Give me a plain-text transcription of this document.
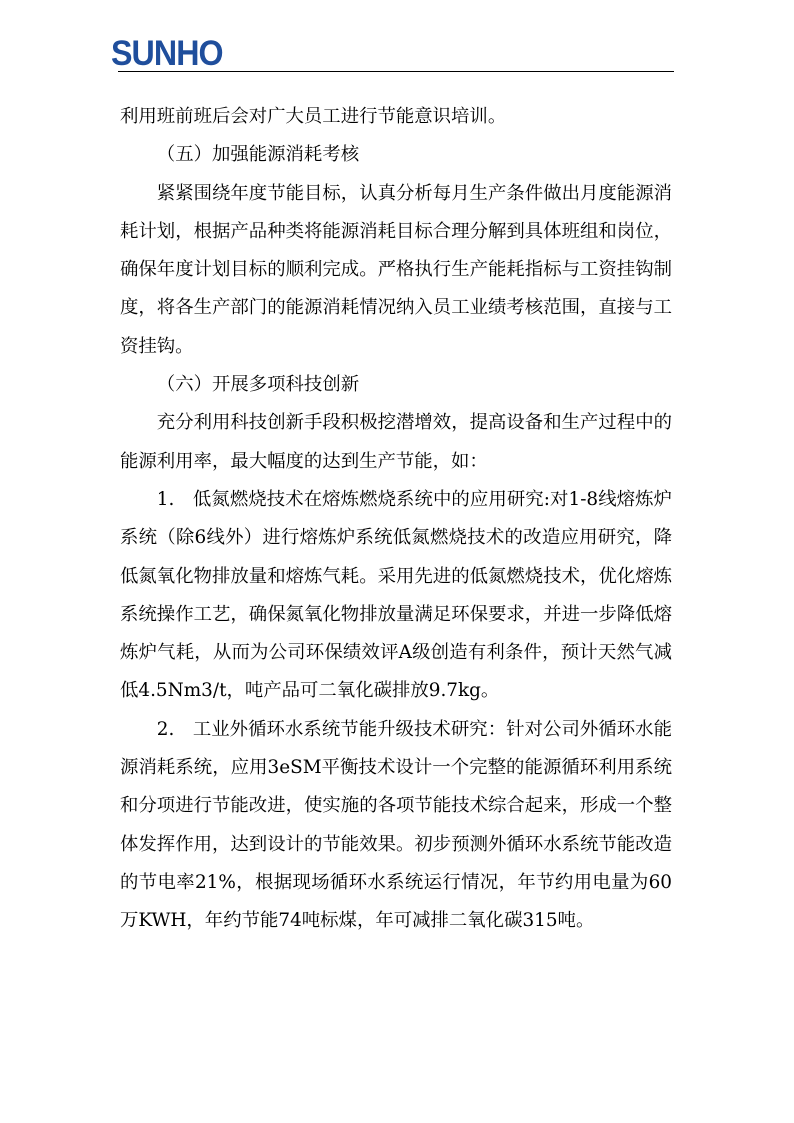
SUNHO

利用班前班后会对广大员工进行节能意识培训。

（五）加强能源消耗考核

紧紧围绕年度节能目标，认真分析每月生产条件做出月度能源消耗计划，根据产品种类将能源消耗目标合理分解到具体班组和岗位，确保年度计划目标的顺利完成。严格执行生产能耗指标与工资挂钩制度，将各生产部门的能源消耗情况纳入员工业绩考核范围，直接与工资挂钩。

（六）开展多项科技创新

充分利用科技创新手段积极挖潜增效，提高设备和生产过程中的能源利用率，最大幅度的达到生产节能，如：

1.　低氮燃烧技术在熔炼燃烧系统中的应用研究:对1-8线熔炼炉系统（除6线外）进行熔炼炉系统低氮燃烧技术的改造应用研究，降低氮氧化物排放量和熔炼气耗。采用先进的低氮燃烧技术，优化熔炼系统操作工艺，确保氮氧化物排放量满足环保要求，并进一步降低熔炼炉气耗，从而为公司环保绩效评A级创造有利条件，预计天然气减低4.5Nm3/t，吨产品可二氧化碳排放9.7kg。

2.　工业外循环水系统节能升级技术研究：针对公司外循环水能源消耗系统，应用3eSM平衡技术设计一个完整的能源循环利用系统和分项进行节能改进，使实施的各项节能技术综合起来，形成一个整体发挥作用，达到设计的节能效果。初步预测外循环水系统节能改造的节电率21%，根据现场循环水系统运行情况，年节约用电量为60万KWH，年约节能74吨标煤，年可减排二氧化碳315吨。
